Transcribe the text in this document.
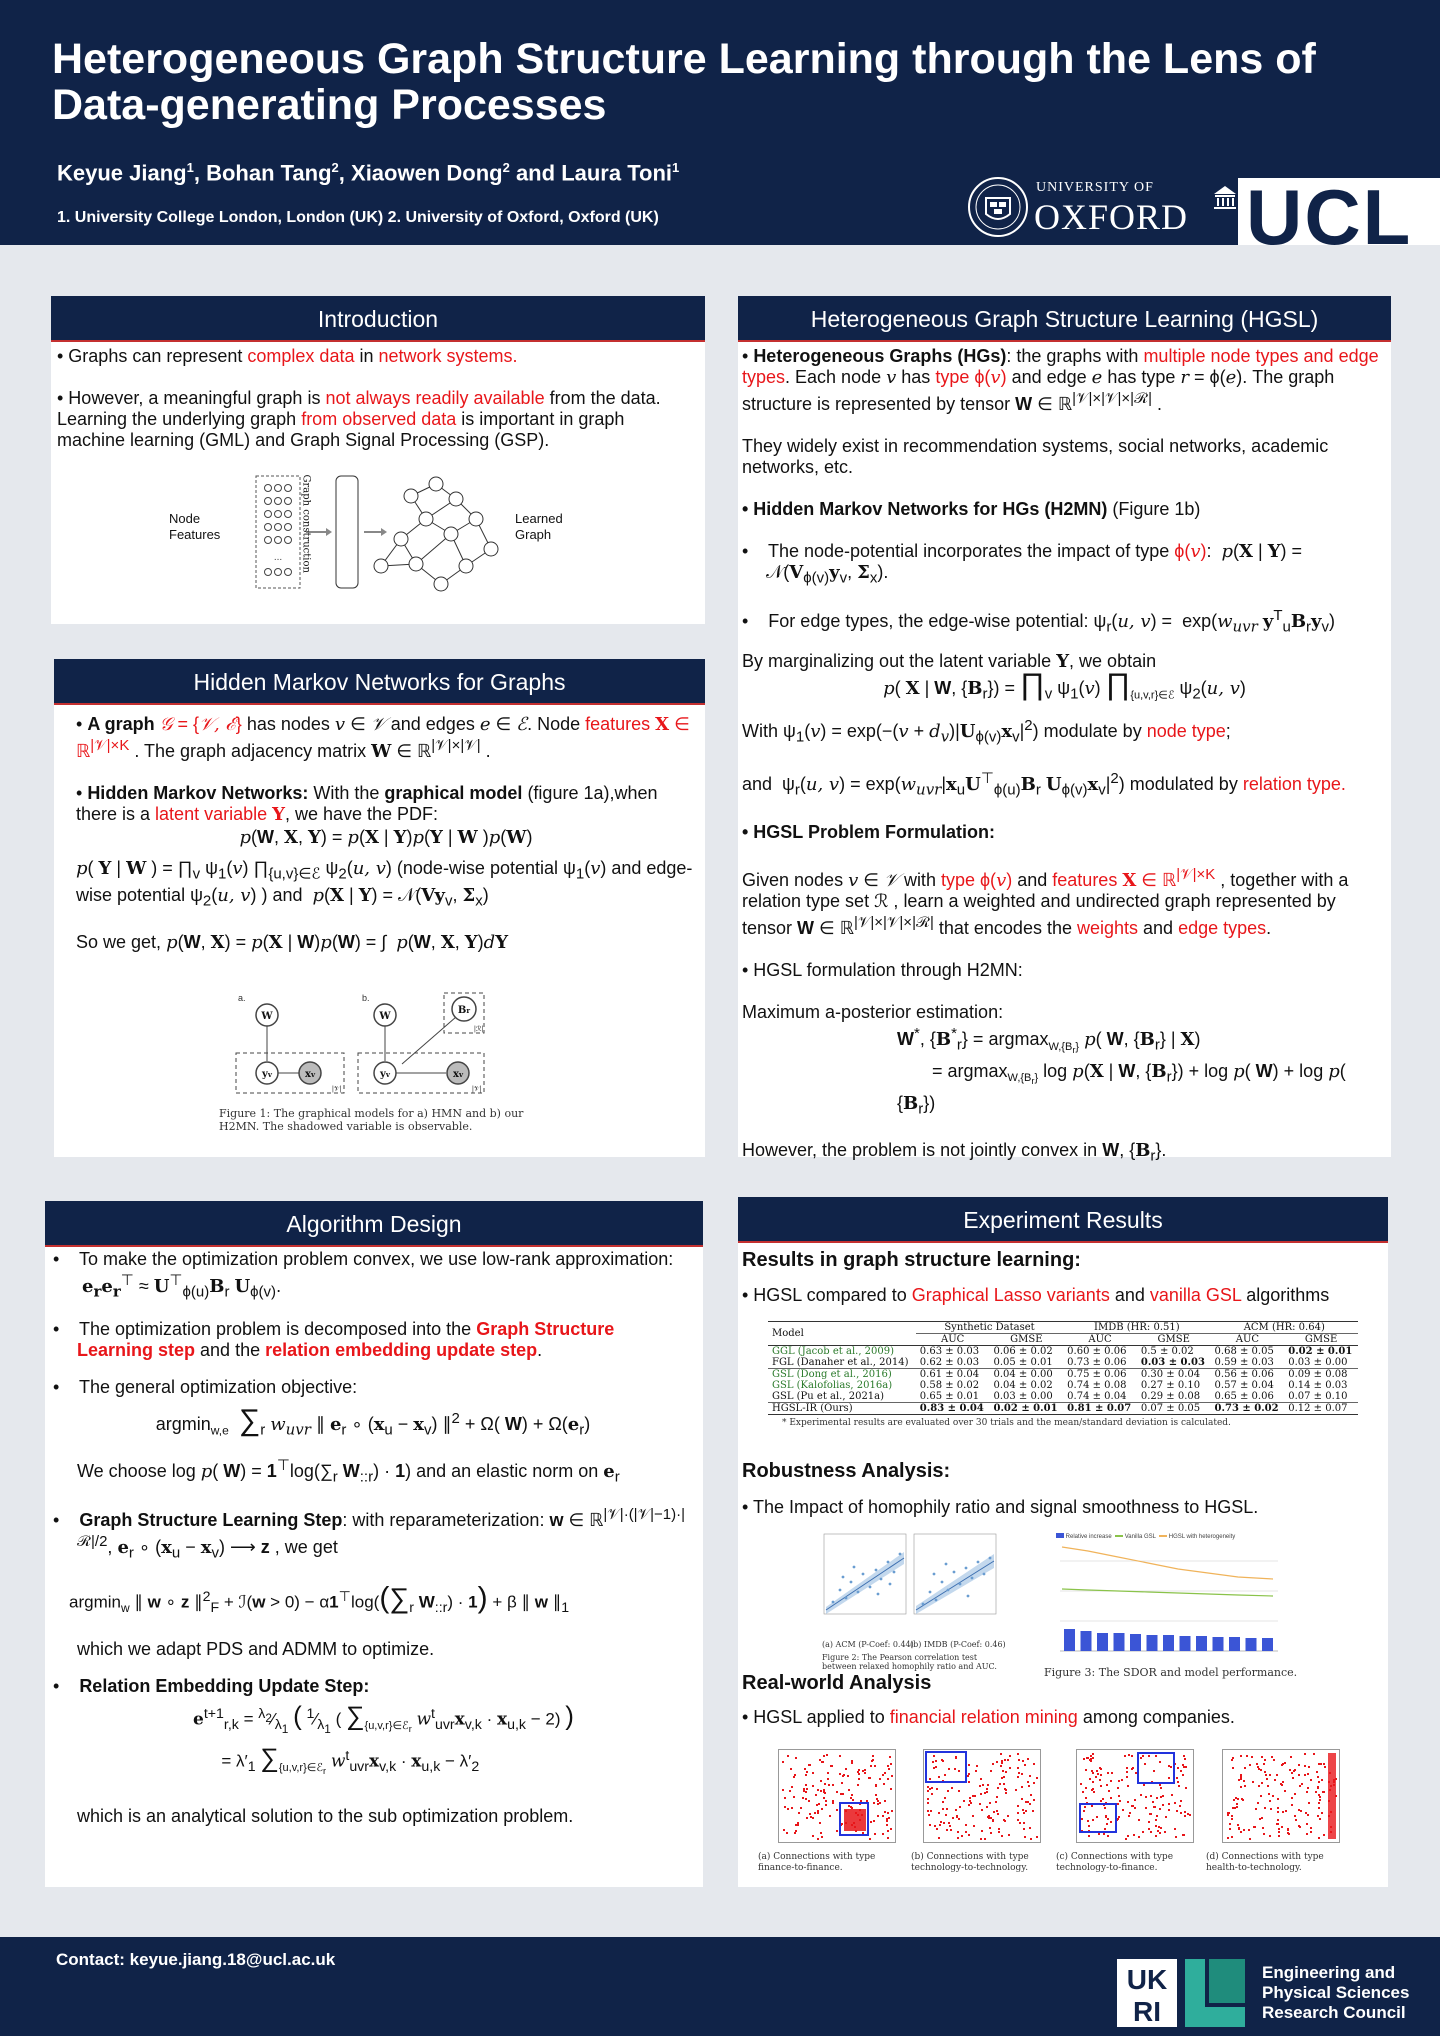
Heterogeneous Graph Structure Learning through the Lens of Data-generating Processes
Keyue Jiang$^1$, Bohan Tang$^2$, Xiaowen Dong$^2$ and Laura Toni$^1$
1. University College London, London (UK) 2. University of Oxford, Oxford (UK)
UNIVERSITY OF
OXFORD UCL
Introduction
• Graphs can represent complex data in network systems.

• However, a meaningful graph is not always readily available from the data. Learning the underlying graph from observed data is important in graph machine learning (GML) and Graph Signal Processing (GSP).
Node
Features
... Graph construction	Learned
Graph
Hidden Markov Networks for Graphs
• A graph 𝒢 = {𝒱, ℰ} has nodes v ∈ 𝒱 and edges e ∈ ℰ. Node features X ∈ ℝ$^{|𝒱|\times K}$ . The graph adjacency matrix W ∈ ℝ$^{|𝒱|\times|𝒱|}$ .

• Hidden Markov Networks: With the graphical model (figure 1a),when there is a latent variable Y, we have the PDF:
p(W, X, Y) = p(X | Y)p(Y | W )p(W)
p( Y | W ) = $\prod_v$ $\psi_1(v)$ $\prod_{\{u,v\}\in ℰ}$ $\psi_2(u$, v) (node-wise potential $\psi_1(v)$ and edge-wise potential $\psi_2(u$, v) ) and  p(X | $Y) = 𝒩(Vy_v$, $\Sigma_x$)

So we get, p(W, X) = p(X | W)p(W) = ∫  p(W, X, Y)dY
a.	b.
W
yv	xv
W
yv	xv
Br
|𝒱|	|𝒱|
|ℛ|
Figure 1: The graphical models for a) HMN and b) our H2MN. The shadowed variable is observable.
Algorithm Design
•    To make the optimization problem convex, we use low-rank approximation:  $e_re_r^⊤ \approx U^⊤_{\phi(u)}B_r$ $U_{\phi(v)}$.
•    The optimization problem is decomposed into the Graph Structure Learning step and the relation embedding update step.
•    The general optimization objective:
argmin$_{w,e}$ $\sum_r$ $w_{uvr}$ ∥ $e_r$ ∘ $(x_u - x_v)$ ∥$^2$ + Ω( $W) + \Omega(e_r)$
We choose log p( $W) = 1^⊤\log(\sum_r$ $W_{::r}) \cdot 1$) and an elastic norm on $e_r$
•    Graph Structure Learning Step: with reparameterization: w ∈ ℝ$^{|𝒱|\cdot(|𝒱|-1)\cdot|ℛ|/2}$, $e_r$ ∘ $(x_u - x_v)$ ⟶ z , we get
argmin$_w$ ∥ w ∘ z ∥$^2_F$ + ℐ(w > $0) - \alpha 1^⊤\log((\sum_r$ $W_{::r}) \cdot 1) + \beta$ ∥ w $\parallel_1$
which we adapt PDS and ADMM to optimize.
•    Relation Embedding Update Step:
$e^{t+1}_{r,k}$ = $^{\lambda_2}⁄_{\lambda_1}$ ( $^1⁄_{\lambda_1}$ ( $\sum_{\{u,v,r\}\in ℰ_r}$ $w^t_{uvr}x_{v,k} \cdot x_{u,k} - 2$) )
= $\lambda'_1$ $\sum_{\{u,v,r\}\in ℰ_r}$ $w^t_{uvr}x_{v,k} \cdot x_{u,k} - \lambda'_2$
which is an analytical solution to the sub optimization problem.
Heterogeneous Graph Structure Learning (HGSL)
• Heterogeneous Graphs (HGs): the graphs with multiple node types and edge types. Each node v has type ϕ(v) and edge e has type r = ϕ(e). The graph structure is represented by tensor W ∈ ℝ$^{|𝒱|\times|𝒱|\times|ℛ|}$ .

They widely exist in recommendation systems, social networks, academic networks, etc.

• Hidden Markov Networks for HGs (H2MN) (Figure 1b)

•    The node-potential incorporates the impact of type ϕ(v):  p(X | $Y) = 𝒩(V_{\phi(v)}y_v$, $\Sigma_x$).
•    For edge types, the edge-wise potential: $\psi_r(u$, $v) = \exp(w_{uvr}$ $y^T_uB_ry_v$)
By marginalizing out the latent variable Y, we obtain
p( X | W, $\{B_r\}$) = $\prod_v$ $\psi_1(v)$ $\prod_{\{u,v,r\}\in ℰ}$ $\psi_2(u$, v)
With $\psi_1(v) = \exp(-(v + d_v)|U_{\phi(v)}x_v|^2)$ modulate by node type;

and  $\psi_r(u$, $v) = \exp(w_{uvr}|x_uU^⊤_{\phi(u)}B_r$ $U_{\phi(v)}x_v|^2$) modulated by relation type.

• HGSL Problem Formulation:

Given nodes v ∈ 𝒱 with type ϕ(v) and features X ∈ ℝ$^{|𝒱|\times K}$ , together with a relation type set ℛ , learn a weighted and undirected graph represented by tensor W ∈ ℝ$^{|𝒱|\times|𝒱|\times|ℛ|}$ that encodes the weights and edge types.

• HGSL formulation through H2MN:

Maximum a-posterior estimation:
W*, $\{B^*_r\} = argmax_{W,\{B_r\}}$ p( W, $\{B_r\}$ | X)
= argmax$_{W,\{B_r\}}$ log p(X | W, $\{B_r\}) + \log p$( W) + log p( $\{B_r\}$)

However, the problem is not jointly convex in W, $\{B_r\}$.
Experiment Results
Results in graph structure learning:
• HGSL compared to Graphical Lasso variants and vanilla GSL algorithms
Model	Synthetic Dataset		IMDB (HR: 0.51)		ACM (HR: 0.64)	
	AUC	GMSE	AUC	GMSE	AUC	GMSE
GGL (Jacob et al., 2009)	0.63 ± 0.03	0.06 ± 0.02	0.60 ± 0.06	0.5 ± 0.02	0.68 ± 0.05	0.02 ± 0.01
FGL (Danaher et al., 2014)	0.62 ± 0.03	0.05 ± 0.01	0.73 ± 0.06	0.03 ± 0.03	0.59 ± 0.03	0.03 ± 0.00
GSL (Dong et al., 2016)	0.61 ± 0.04	0.04 ± 0.00	0.75 ± 0.06	0.30 ± 0.04	0.56 ± 0.06	0.09 ± 0.08
GSL (Kalofolias, 2016a)	0.58 ± 0.02	0.04 ± 0.02	0.74 ± 0.08	0.27 ± 0.10	0.57 ± 0.04	0.14 ± 0.03
GSL (Pu et al., 2021a)	0.65 ± 0.01	0.03 ± 0.00	0.74 ± 0.04	0.29 ± 0.08	0.65 ± 0.06	0.07 ± 0.10
HGSL-IR (Ours)	0.83 ± 0.04	0.02 ± 0.01	0.81 ± 0.07	0.07 ± 0.05	0.73 ± 0.02	0.12 ± 0.07
* Experimental results are evaluated over 30 trials and the mean/standard deviation is calculated.
Robustness Analysis:
• The Impact of homophily ratio and signal smoothness to HGSL.
(a) ACM (P-Coef: 0.44)
(b) IMDB (P-Coef: 0.46)
Figure 2: The Pearson correlation test between relaxed homophily ratio and AUC.
Relative increase Vanilla GSL HGSL with heterogeneity
Figure 3: The SDOR and model performance.
Real-world Analysis
• HGSL applied to financial relation mining among companies.
(a) Connections with type finance-to-finance.
(b) Connections with type technology-to-technology.
(c) Connections with type technology-to-finance.
(d) Connections with type health-to-technology.
Contact: keyue.jiang.18@ucl.ac.uk
UK
RI
Engineering and
Physical Sciences
Research Council
